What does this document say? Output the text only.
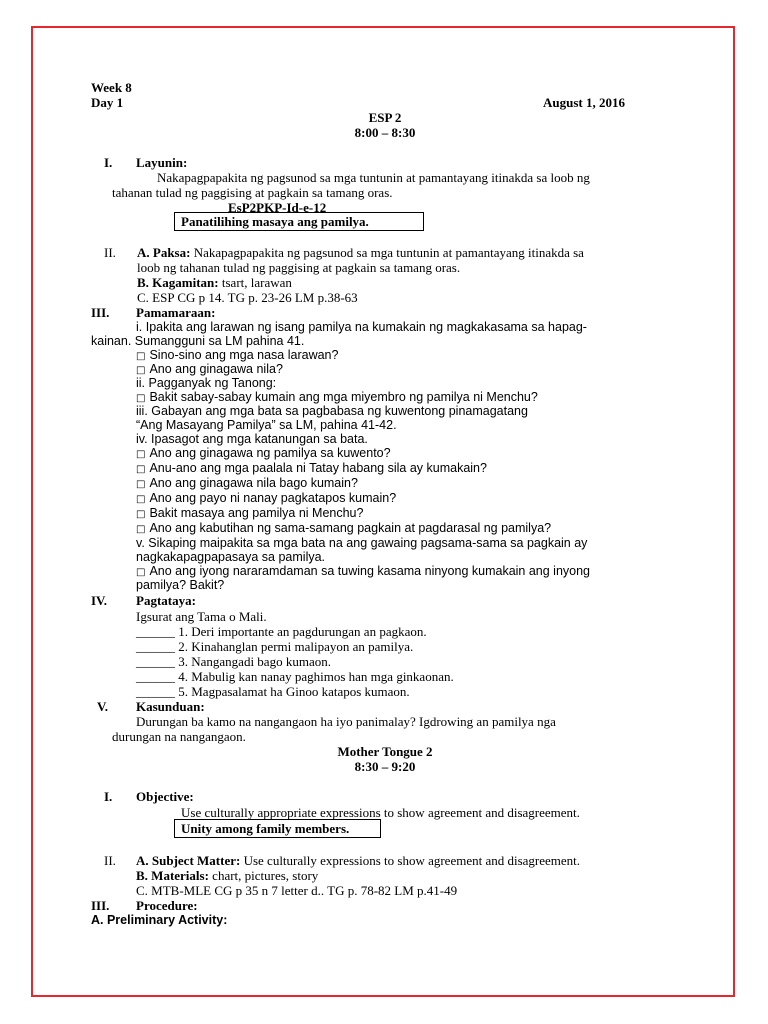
Week 8
Day 1	August 1, 2016
ESP 2
8:00 – 8:30
I. Layunin:
Nakapagpapakita ng pagsunod sa mga tuntunin at pamantayang itinakda sa loob ng
tahanan tulad ng paggising at pagkain sa tamang oras.
EsP2PKP-Id-e-12
Panatilihing masaya ang pamilya.
II. A. Paksa: Nakapagpapakita ng pagsunod sa mga tuntunin at pamantayang itinakda sa
loob ng tahanan tulad ng paggising at pagkain sa tamang oras.
B. Kagamitan: tsart, larawan
C. ESP CG p 14. TG p. 23-26 LM p.38-63
III. Pamamaraan:
i. Ipakita ang larawan ng isang pamilya na kumakain ng magkakasama sa hapag-
kainan. Sumangguni sa LM pahina 41.
□ Sino-sino ang mga nasa larawan?
□ Ano ang ginagawa nila?
ii. Pagganyak ng Tanong:
□ Bakit sabay-sabay kumain ang mga miyembro ng pamilya ni Menchu?
iii. Gabayan ang mga bata sa pagbabasa ng kuwentong pinamagatang
“Ang Masayang Pamilya” sa LM, pahina 41-42.
iv. Ipasagot ang mga katanungan sa bata.
□ Ano ang ginagawa ng pamilya sa kuwento?
□ Anu-ano ang mga paalala ni Tatay habang sila ay kumakain?
□ Ano ang ginagawa nila bago kumain?
□ Ano ang payo ni nanay pagkatapos kumain?
□ Bakit masaya ang pamilya ni Menchu?
□ Ano ang kabutihan ng sama-samang pagkain at pagdarasal ng pamilya?
v. Sikaping maipakita sa mga bata na ang gawaing pagsama-sama sa pagkain ay
nagkakapagpapasaya sa pamilya.
□ Ano ang iyong nararamdaman sa tuwing kasama ninyong kumakain ang inyong
pamilya? Bakit?
IV. Pagtataya:
Igsurat ang Tama o Mali.
______ 1. Deri importante an pagdurungan an pagkaon.
______ 2. Kinahanglan permi malipayon an pamilya.
______ 3. Nangangadi bago kumaon.
______ 4. Mabulig kan nanay paghimos han mga ginkaonan.
______ 5. Magpasalamat ha Ginoo katapos kumaon.
V. Kasunduan:
Durungan ba kamo na nangangaon ha iyo panimalay? Igdrowing an pamilya nga
durungan na nangangaon.
Mother Tongue 2
8:30 – 9:20
I. Objective:
Use culturally appropriate expressions to show agreement and disagreement.
Unity among family members.
II. A. Subject Matter: Use culturally expressions to show agreement and disagreement.
B. Materials: chart, pictures, story
C. MTB-MLE CG p 35 n 7 letter d.. TG p. 78-82 LM p.41-49
III. Procedure:
A. Preliminary Activity:
